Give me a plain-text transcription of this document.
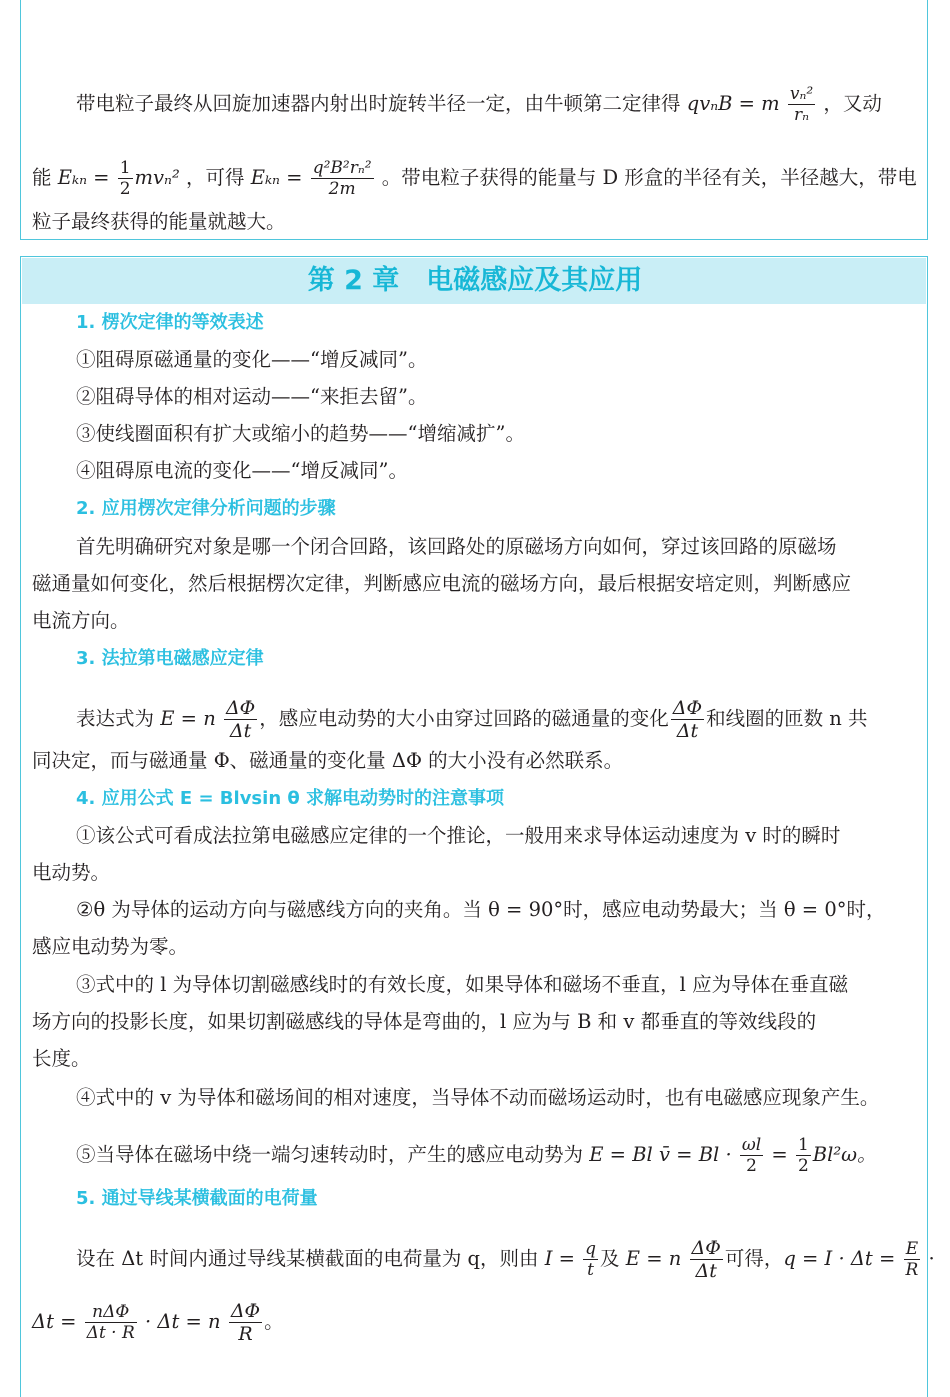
带电粒子最终从回旋加速器内射出时旋转半径一定，由牛顿第二定律得 qvₙB = m $\frac{\text{vₙ²}}{\text{rₙ}}$ ，又动
能 $E_{kn} = \frac{1}{2} mv_n^2$ ，可得 $E_{kn} = \frac{\text{q²B²rₙ²}}{2m}$ 。带电粒子获得的能量与 D 形盒的半径有关，半径越大，带电
粒子最终获得的能量就越大。
第 2 章　电磁感应及其应用
1. 楞次定律的等效表述
①阻碍原磁通量的变化——“增反减同”。
②阻碍导体的相对运动——“来拒去留”。
③使线圈面积有扩大或缩小的趋势——“增缩减扩”。
④阻碍原电流的变化——“增反减同”。
2. 应用楞次定律分析问题的步骤
首先明确研究对象是哪一个闭合回路，该回路处的原磁场方向如何，穿过该回路的原磁场
磁通量如何变化，然后根据楞次定律，判断感应电流的磁场方向，最后根据安培定则，判断感应
电流方向。
3. 法拉第电磁感应定律
表达式为 E = n $\frac{\Delta\Phi}{\Delta t}$ ，感应电动势的大小由穿过回路的磁通量的变化 $\frac{\Delta\Phi}{\Delta t}$ 和线圈的匝数 n 共
同决定，而与磁通量 Φ、磁通量的变化量 ΔΦ 的大小没有必然联系。
4. 应用公式 E = Blvsin θ 求解电动势时的注意事项
①该公式可看成法拉第电磁感应定律的一个推论，一般用来求导体运动速度为 v 时的瞬时
电动势。
②θ 为导体的运动方向与磁感线方向的夹角。当 θ = 90°时，感应电动势最大；当 θ = 0°时，
感应电动势为零。
③式中的 l 为导体切割磁感线时的有效长度，如果导体和磁场不垂直，l 应为导体在垂直磁
场方向的投影长度，如果切割磁感线的导体是弯曲的，l 应为与 B 和 v 都垂直的等效线段的
长度。
④式中的 v 为导体和磁场间的相对速度，当导体不动而磁场运动时，也有电磁感应现象产生。
⑤当导体在磁场中绕一端匀速转动时，产生的感应电动势为 E = Bl v̄ = $Bl \cdot \frac{\omega l}{2} = \frac{1}{2} Bl^2\omega$。
5. 通过导线某横截面的电荷量
设在 Δt 时间内通过导线某横截面的电荷量为 q，则由 $I = \frac{q}{t}$ 及 E = n $\frac{\Delta\Phi}{\Delta t}$ 可得，$q = I \cdot \Delta t = \frac{E}{R}$ ·
$\Delta t = \frac{\text{nΔΦ}}{\Delta t \cdot R} \cdot \Delta t = n \frac{\Delta\Phi}{R}$ 。
